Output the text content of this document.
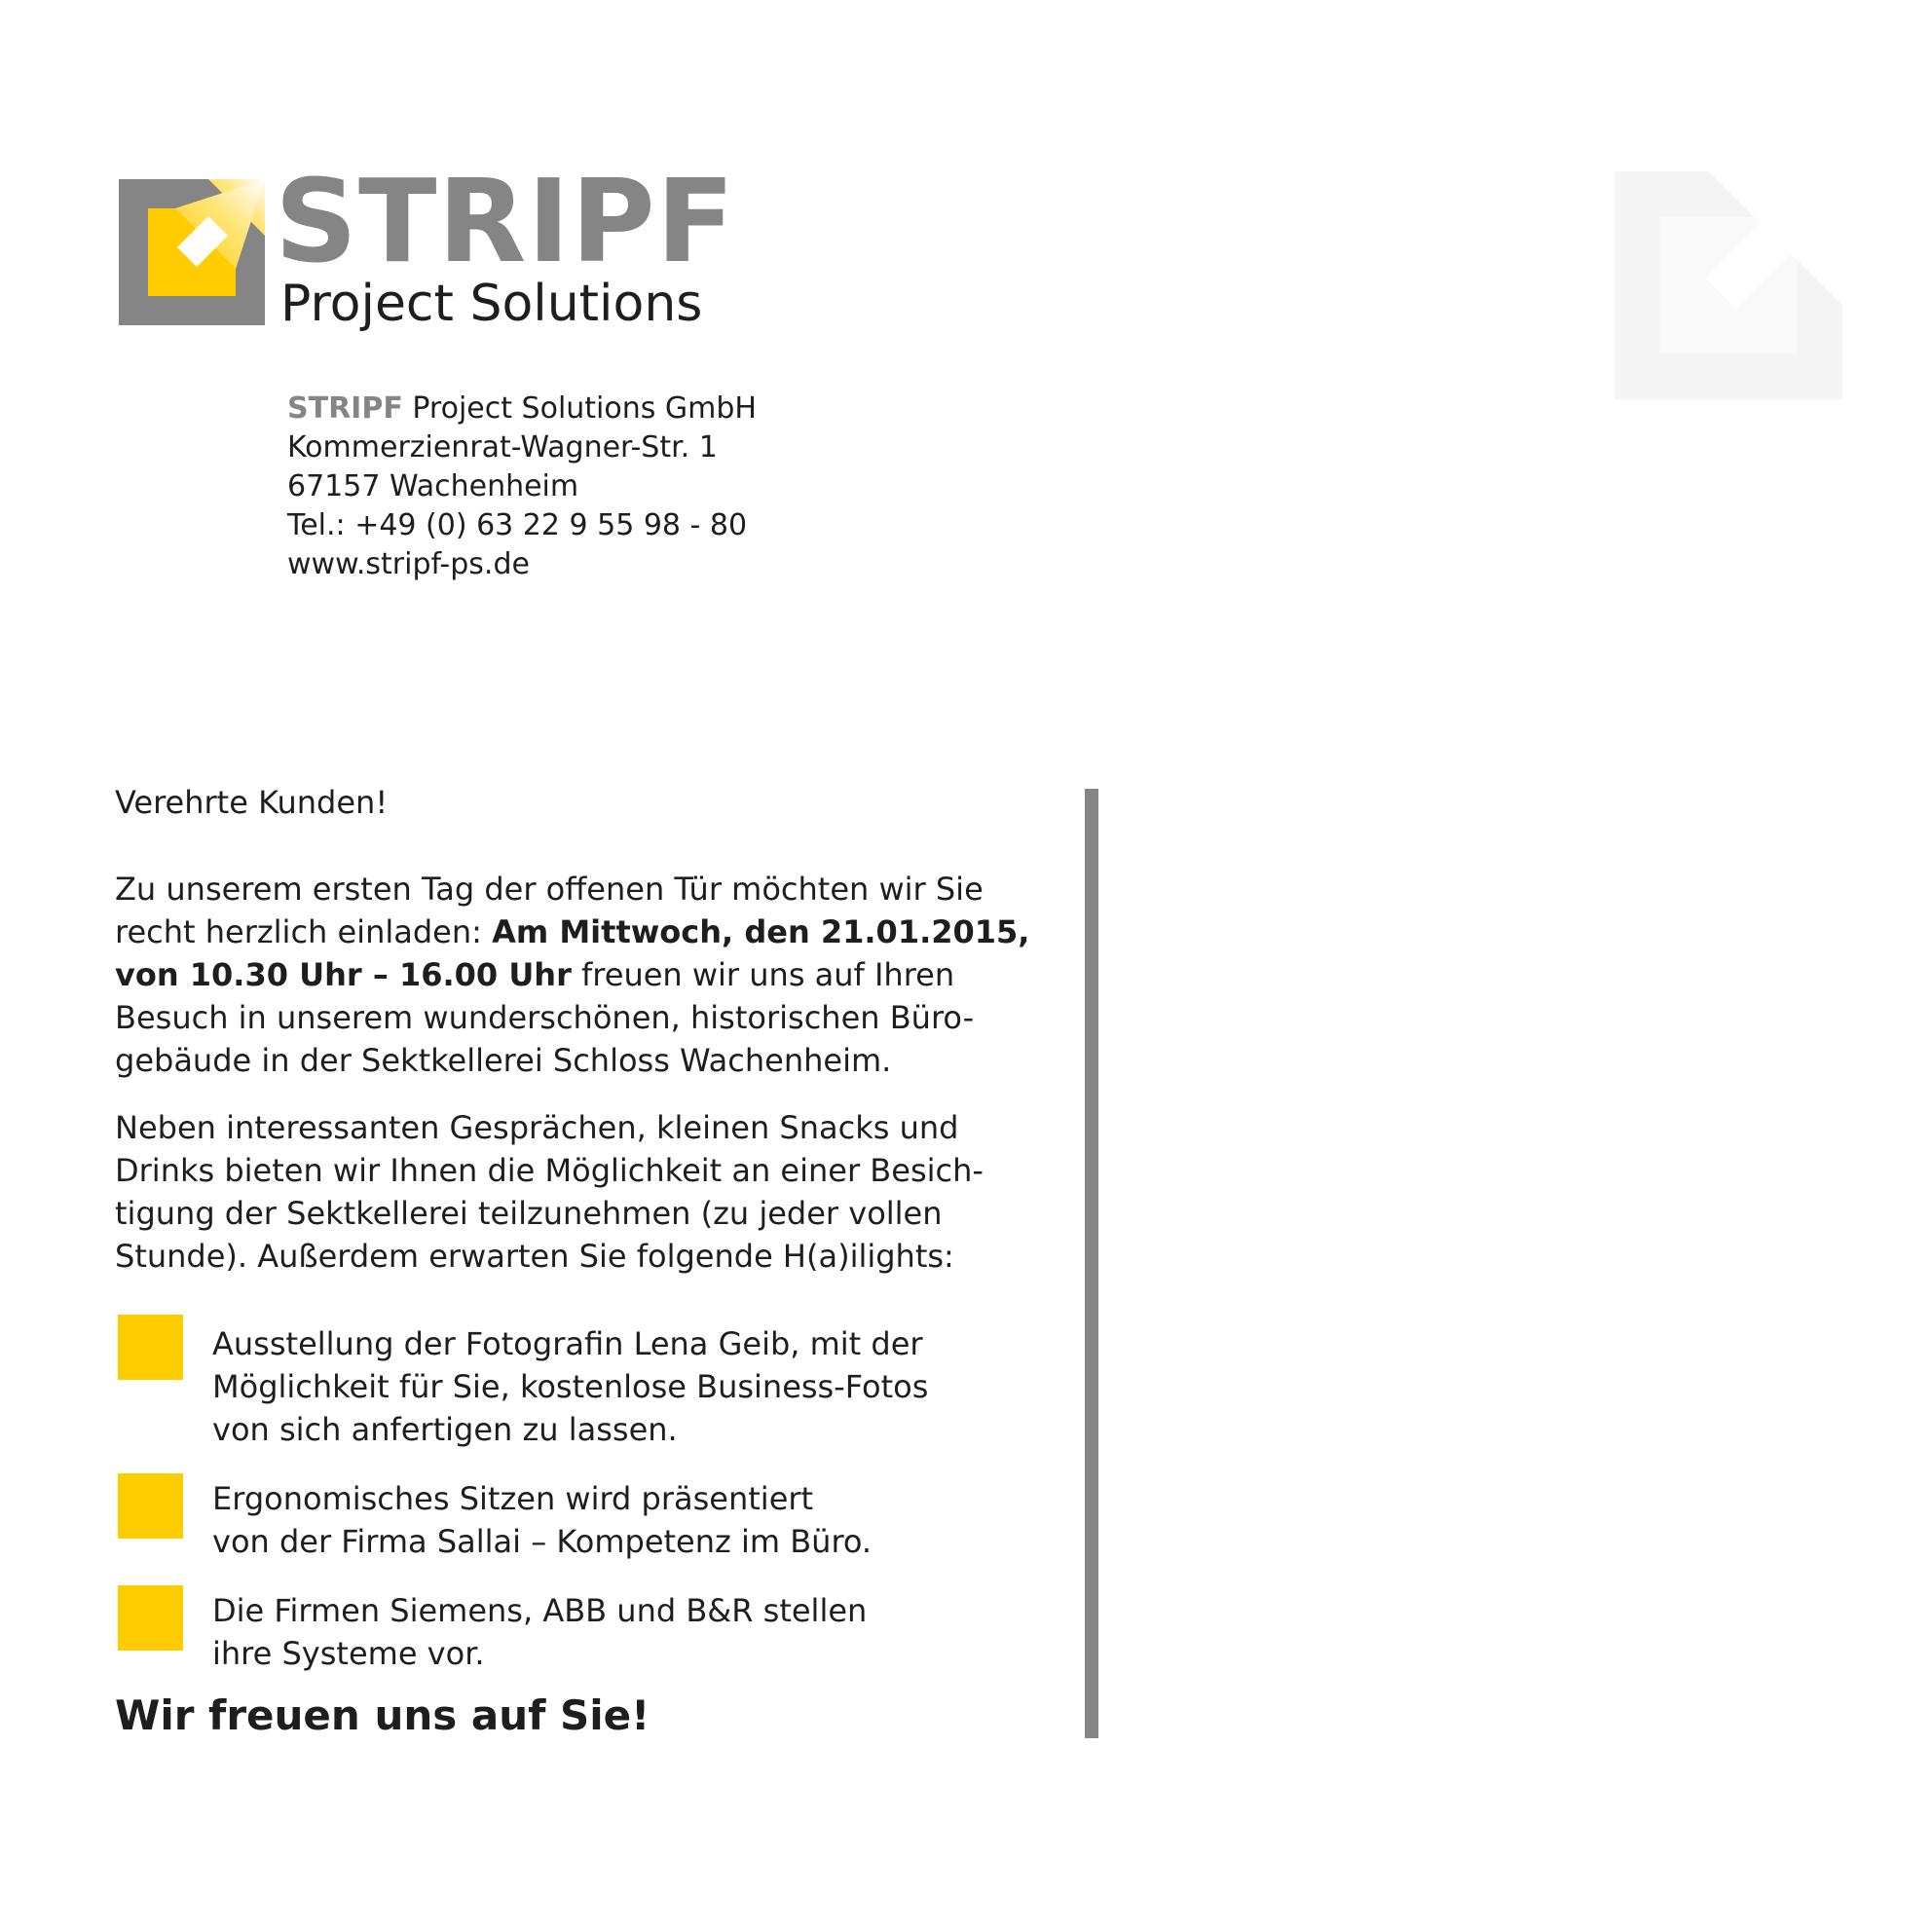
STRIPF
Project Solutions
STRIPF Project Solutions GmbH
Kommerzienrat-Wagner-Str. 1
67157 Wachenheim
Tel.: +49 (0) 63 22 9 55 98 - 80
www.stripf-ps.de
Verehrte Kunden!
Zu unserem ersten Tag der offenen Tür möchten wir Sie
recht herzlich einladen: Am Mittwoch, den 21.01.2015,
von 10.30 Uhr – 16.00 Uhr freuen wir uns auf Ihren
Besuch in unserem wunderschönen, historischen Büro-
gebäude in der Sektkellerei Schloss Wachenheim.
Neben interessanten Gesprächen, kleinen Snacks und
Drinks bieten wir Ihnen die Möglichkeit an einer Besich-
tigung der Sektkellerei teilzunehmen (zu jeder vollen
Stunde). Außerdem erwarten Sie folgende H(a)ilights:
Ausstellung der Fotografin Lena Geib, mit der
Möglichkeit für Sie, kostenlose Business-Fotos
von sich anfertigen zu lassen.
Ergonomisches Sitzen wird präsentiert
von der Firma Sallai – Kompetenz im Büro.
Die Firmen Siemens, ABB und B&R stellen
ihre Systeme vor.
Wir freuen uns auf Sie!
